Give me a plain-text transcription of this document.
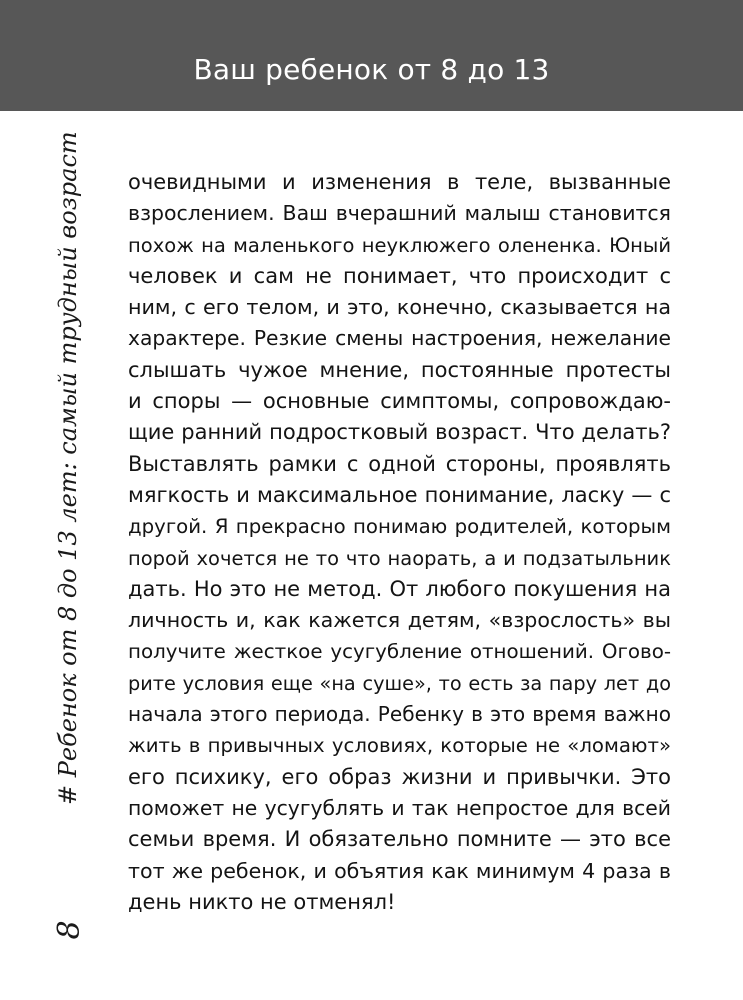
Ваш ребенок от 8 до 13
# Ребенок от 8 до 13 лет: самый трудный возраст
8
очевидными и изменения в теле, вызванные
взрослением. Ваш вчерашний малыш становится
похож на маленького неуклюжего олененка. Юный
человек и сам не понимает, что происходит с
ним, с его телом, и это, конечно, сказывается на
характере. Резкие смены настроения, нежелание
слышать чужое мнение, постоянные протесты
и споры — основные симптомы, сопровождаю-
щие ранний подростковый возраст. Что делать?
Выставлять рамки с одной стороны, проявлять
мягкость и максимальное понимание, ласку — с
другой. Я прекрасно понимаю родителей, которым
порой хочется не то что наорать, а и подзатыльник
дать. Но это не метод. От любого покушения на
личность и, как кажется детям, «взрослость» вы
получите жесткое усугубление отношений. Огово-
рите условия еще «на суше», то есть за пару лет до
начала этого периода. Ребенку в это время важно
жить в привычных условиях, которые не «ломают»
его психику, его образ жизни и привычки. Это
поможет не усугублять и так непростое для всей
семьи время. И обязательно помните — это все
тот же ребенок, и объятия как минимум 4 раза в
день никто не отменял!
